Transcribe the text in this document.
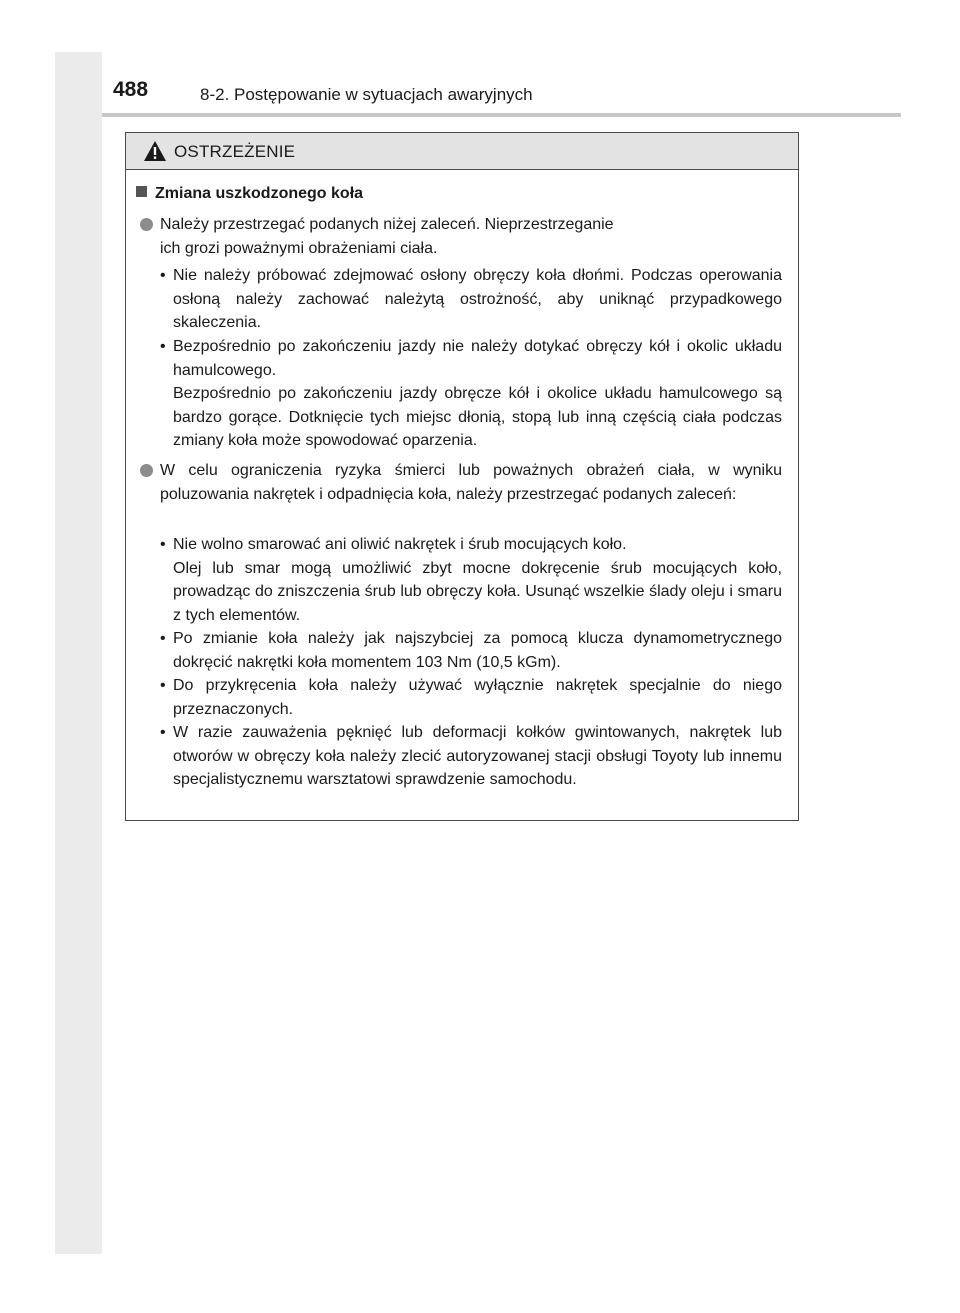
488	8-2. Postępowanie w sytuacjach awaryjnych
OSTRZEŻENIE
Zmiana uszkodzonego koła
Należy przestrzegać podanych niżej zaleceń. Nieprzestrzeganie ich grozi poważnymi obrażeniami ciała.
• Nie należy próbować zdejmować osłony obręczy koła dłońmi. Podczas operowania osłoną należy zachować należytą ostrożność, aby uniknąć przypadkowego skaleczenia.

• Bezpośrednio po zakończeniu jazdy nie należy dotykać obręczy kół i okolic układu hamulcowego.

Bezpośrednio po zakończeniu jazdy obręcze kół i okolice układu hamulcowego są bardzo gorące. Dotknięcie tych miejsc dłonią, stopą lub inną częścią ciała podczas zmiany koła może spowodować oparzenia.

W celu ograniczenia ryzyka śmierci lub poważnych obrażeń ciała, w wyniku poluzowania nakrętek i odpadnięcia koła, należy przestrzegać podanych zaleceń:
• Nie wolno smarować ani oliwić nakrętek i śrub mocujących koło.

Olej lub smar mogą umożliwić zbyt mocne dokręcenie śrub mocujących koło, prowadząc do zniszczenia śrub lub obręczy koła. Usunąć wszelkie ślady oleju i smaru z tych elementów.

• Po zmianie koła należy jak najszybciej za pomocą klucza dynamometrycznego dokręcić nakrętki koła momentem 103 Nm (10,5 kGm).

• Do przykręcenia koła należy używać wyłącznie nakrętek specjalnie do niego przeznaczonych.

• W razie zauważenia pęknięć lub deformacji kołków gwintowanych, nakrętek lub otworów w obręczy koła należy zlecić autoryzowanej stacji obsługi Toyoty lub innemu specjalistycznemu warsztatowi sprawdzenie samochodu.
